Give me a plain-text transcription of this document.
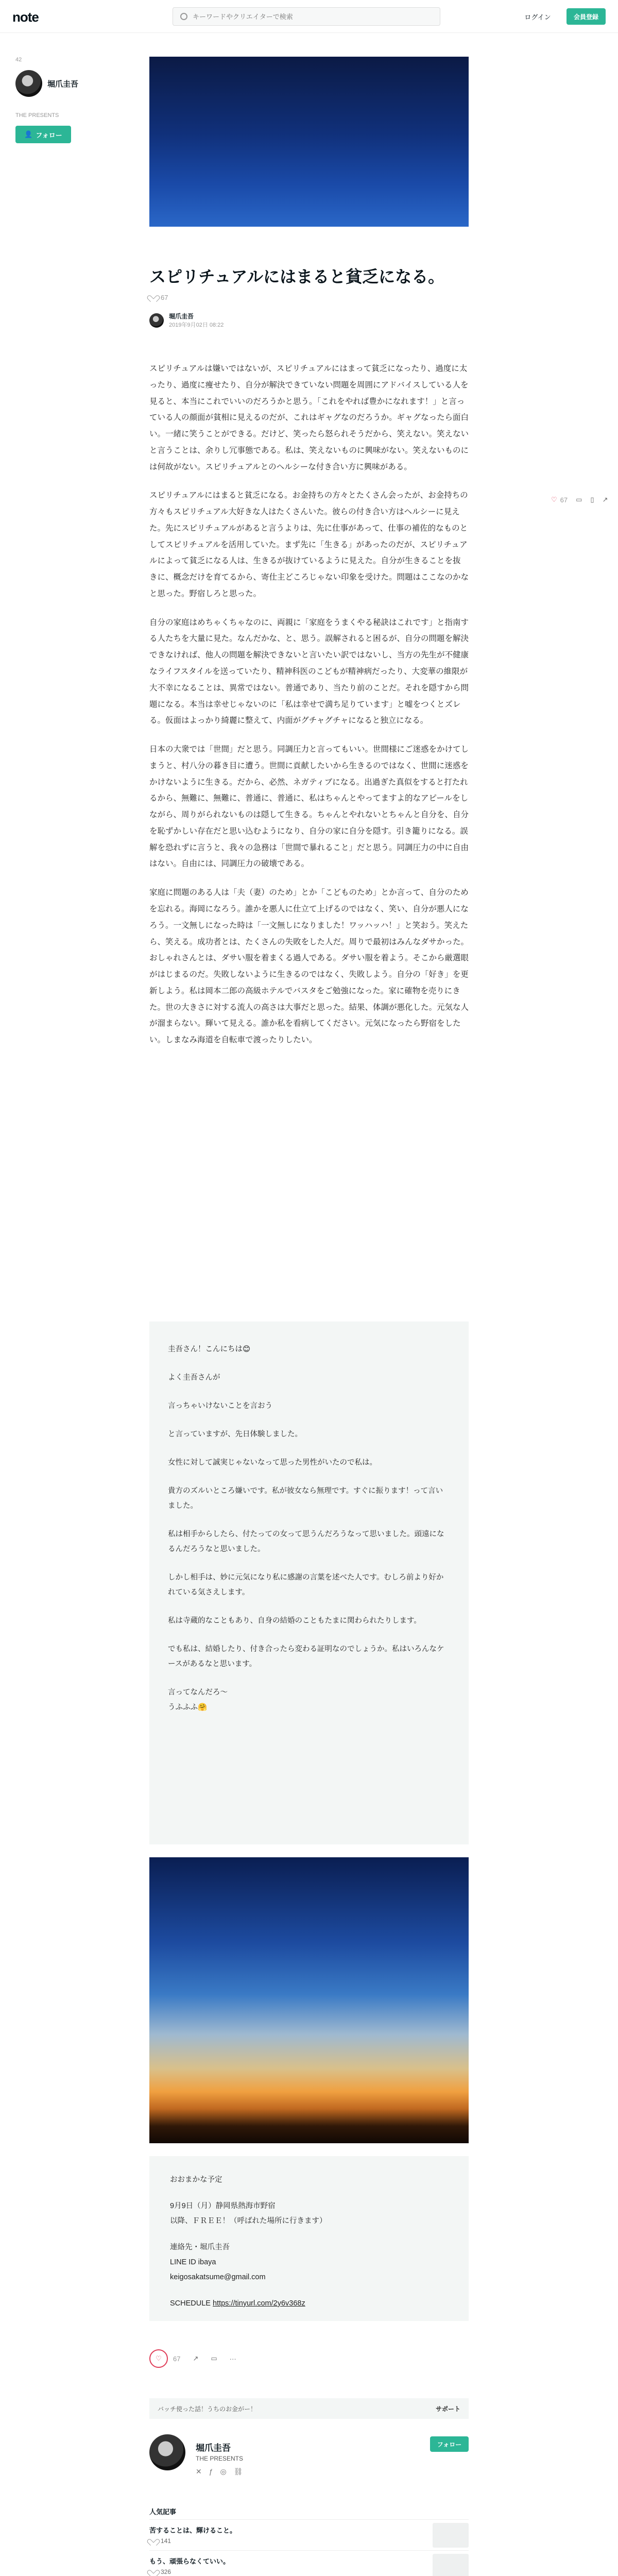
note
キーワードやクリエイターで検索	ログイン	会員登録
42
堀爪圭吾
THE PRESENTS
👤 フォロー
スピリチュアルにはまると貧乏になる。
67
堀爪圭吾
2019年9月02日 08:22
♡ 67 ▭ ▯ ↗

スピリチュアルは嫌いではないが、スピリチュアルにはまって貧乏になったり、過度に太ったり、過度に痩せたり、自分が解決できていない問題を周囲にアドバイスしている人を見ると、本当にこれでいいのだろうかと思う。「これをやれば豊かになれます！」と言っている人の顔面が貧相に見えるのだが、これはギャグなのだろうか。ギャグなったら面白い。一緒に笑うことができる。だけど、笑ったら怒られそうだから、笑えない。笑えないと言うことは、余りし冗事態である。私は、笑えないものに興味がない。笑えないものには何故がない。スピリチュアルとのヘルシーな付き合い方に興味がある。

スピリチュアルにはまると貧乏になる。お金持ちの方々とたくさん会ったが、お金持ちの方々もスピリチュアル大好きな人はたくさんいた。彼らの付き合い方はヘルシーに見えた。先にスピリチュアルがあると言うよりは、先に仕事があって、仕事の補佐的なものとしてスピリチュアルを活用していた。まず先に「生きる」があったのだが、スピリチュアルによって貧乏になる人は、生きるが抜けているように見えた。自分が生きることを抜きに、概念だけを育てるから、寄仕主どころじゃない印象を受けた。問題はここなのかなと思った。野宿しろと思った。

自分の家庭はめちゃくちゃなのに、両親に「家庭をうまくやる秘訣はこれです」と指南する人たちを大量に見た。なんだかな、と、思う。誤解されると困るが、自分の問題を解決できなければ、他人の問題を解決できないと言いたい訳ではないし、当方の先生が不健康なライフスタイルを送っていたり、精神科医のこどもが精神病だったり、大変華の維限が大不幸になることは、異常ではない。普通であり、当たり前のことだ。それを隠すから問題になる。本当は幸せじゃないのに「私は幸せで満ち足りています」と嘘をつくとズレる。仮面はよっかり綺麗に整えて、内面がグチャグチャになると独立になる。

日本の大衆では「世間」だと思う。同調圧力と言ってもいい。世間様にご迷惑をかけてしまうと、村八分の暮き目に遭う。世間に貢献したいから生きるのではなく、世間に迷惑をかけないように生きる。だから、必然、ネガティブになる。出過ぎた真似をすると打たれるから、無難に、無難に、普通に、普通に、私はちゃんとやってますよ的なアピールをしながら、周りがられないものは隠して生きる。ちゃんとやれないとちゃんと自分を、自分を恥ずかしい存在だと思い込むようになり、自分の家に自分を隠す。引き籠りになる。誤解を恐れずに言うと、我々の急務は「世間で暴れること」だと思う。同調圧力の中に自由はない。自由には、同調圧力の破壊である。

家庭に問題のある人は「夫（妻）のため」とか「こどものため」とか言って、自分のためを忘れる。海岡になろう。誰かを悪人に仕立て上げるのではなく、笑い、自分が悪人になろう。一文無しになった時は「一文無しになりました！ワッハッハ！」と笑おう。笑えたら、笑える。成功者とは、たくさんの失敗をした人だ。周りで最初はみんなダサかった。おしゃれさんとは、ダサい服を着まくる過人である。ダサい服を着よう。そこから厳選眼がはじまるのだ。失敗しないように生きるのではなく、失敗しよう。自分の「好き」を更新しよう。私は岡本二郎の高級ホテルでバスタをご勉強になった。家に確物を売りにきた。世の大きさに対する流人の高さは大事だと思った。結果、体調が悪化した。元気な人が溜まらない。輝いて見える。誰か私を看病してください。元気になったら野宿をしたい。しまなみ海道を自転車で渡ったりしたい。

圭吾さん！こんにちは😊

よく圭吾さんが

言っちゃいけないことを言おう

と言っていますが、先日体験しました。

女性に対して誠実じゃないなって思った男性がいたので私は。

貴方のズルいところ嫌いです。私が彼女なら無理です。すぐに振ります！って言いました。

私は相手からしたら、付たっての女って思うんだろうなって思いました。頭遠になるんだろうなと思いました。

しかし相手は、妙に元気になり私に感謝の言葉を述べた人です。むしろ前より好かれている気さえします。

私は寺蔵的なこともあり、自身の結婚のこともたまに関わられたりします。

でも私は、結婚したり、付き合ったら変わる証明なのでしょうか。私はいろんなケースがあるなと思います。

言ってなんだろ〜

うふふふ🤗

おおまかな予定

9月9日（月）静岡県熱海市野宿

以降、ＦＲＥＥ！（呼ばれた場所に行きます）

連絡先・堀爪圭吾

LINE ID ibaya

keigosakatsume@gmail.com

SCHEDULE https://tinyurl.com/2y6v368z

♡	67 ↗ ▭ ···
バッチ使った話！うちのお金がー！	サポート
堀爪圭吾
THE PRESENTS
✕ƒ◎⛓
フォロー
人気記事
苦することは、輝けること。
141
もう、頑張らなくていい。
326
